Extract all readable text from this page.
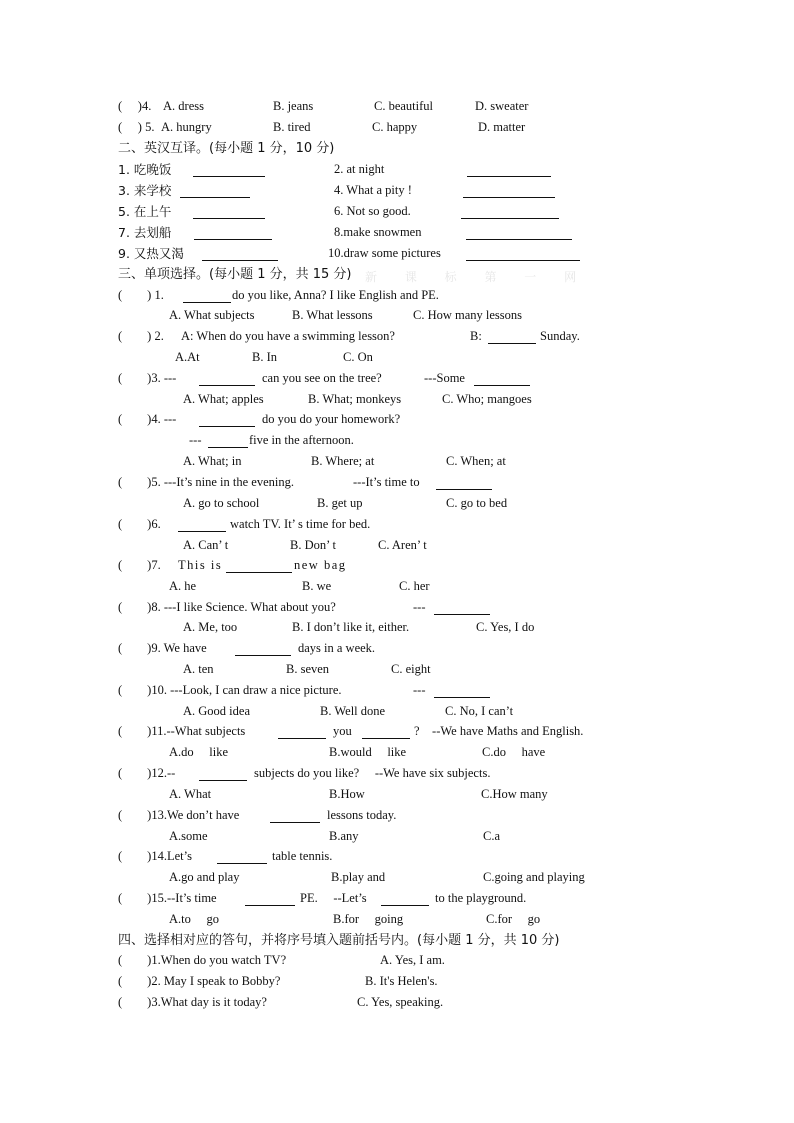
(　 )4. A. dress	B. jeans	C. beautiful	D. sweater
( 　) 5. A. hungry	B. tired	C. happy	D. matter
二、英汉互译。(每小题 1 分，10 分)
1. 吃晚饭	2. at night
3. 来学校	4. What a pity !
5. 在上午	6. Not so good.
7. 去划船	8.make snowmen
9. 又热又渴	10.draw some pictures
三、单项选择。(每小题 1 分，共 15 分) 新 课 标 第 一 网
(　　) 1.	do you like, Anna? I like English and PE.
A. What subjects	B. What lessons	C. How many lessons
(　　) 2. A: When do you have a swimming lesson?	B:	Sunday.
A.At	B. In	C. On
(　　)3. ---	can you see on the tree?	---Some
A. What; apples	B. What; monkeys	C. Who; mangoes
(　　)4. ---	do you do your homework?
---	five in the afternoon.
A. What; in	B. Where; at	C. When; at
(　　)5. ---It’s nine in the evening.	---It’s time to
A. go to school	B. get up	C. go to bed
(　　)6.	watch TV. It’ s time for bed.
A. Can’ t	B. Don’ t	C. Aren’ t
(　　)7. This is	new bag
A. he	B. we	C. her
(　　)8. ---I like Science. What about you?	---
A. Me, too	B. I don’t like it, either.	C. Yes, I do
(　　)9. We have	days in a week.
A. ten	B. seven	C. eight
(　　)10. ---Look, I can draw a nice picture.	---
A. Good idea	B. Well done	C. No, I can’t
(　　)11.--What subjects	you	?　--We have Maths and English.
A.do　 like	B.would　 like	C.do　 have
(　　)12.--	subjects do you like?　 --We have six subjects.
A. What	B.How	C.How many
(　　)13.We don’t have	lessons today.
A.some	B.any	C.a
(　　)14.Let’s	table tennis.
A.go and play	B.play and	C.going and playing
(　　)15.--It’s time	PE.　 --Let’s	to the playground.
A.to　 go	B.for　 going	C.for　 go
四、选择相对应的答句，并将序号填入题前括号内。(每小题 1 分，共 10 分)
(　　)1.When do you watch TV?	A. Yes, I am.
(　　)2. May I speak to Bobby?	B. It's Helen's.
(　　)3.What day is it today?	C. Yes, speaking.
